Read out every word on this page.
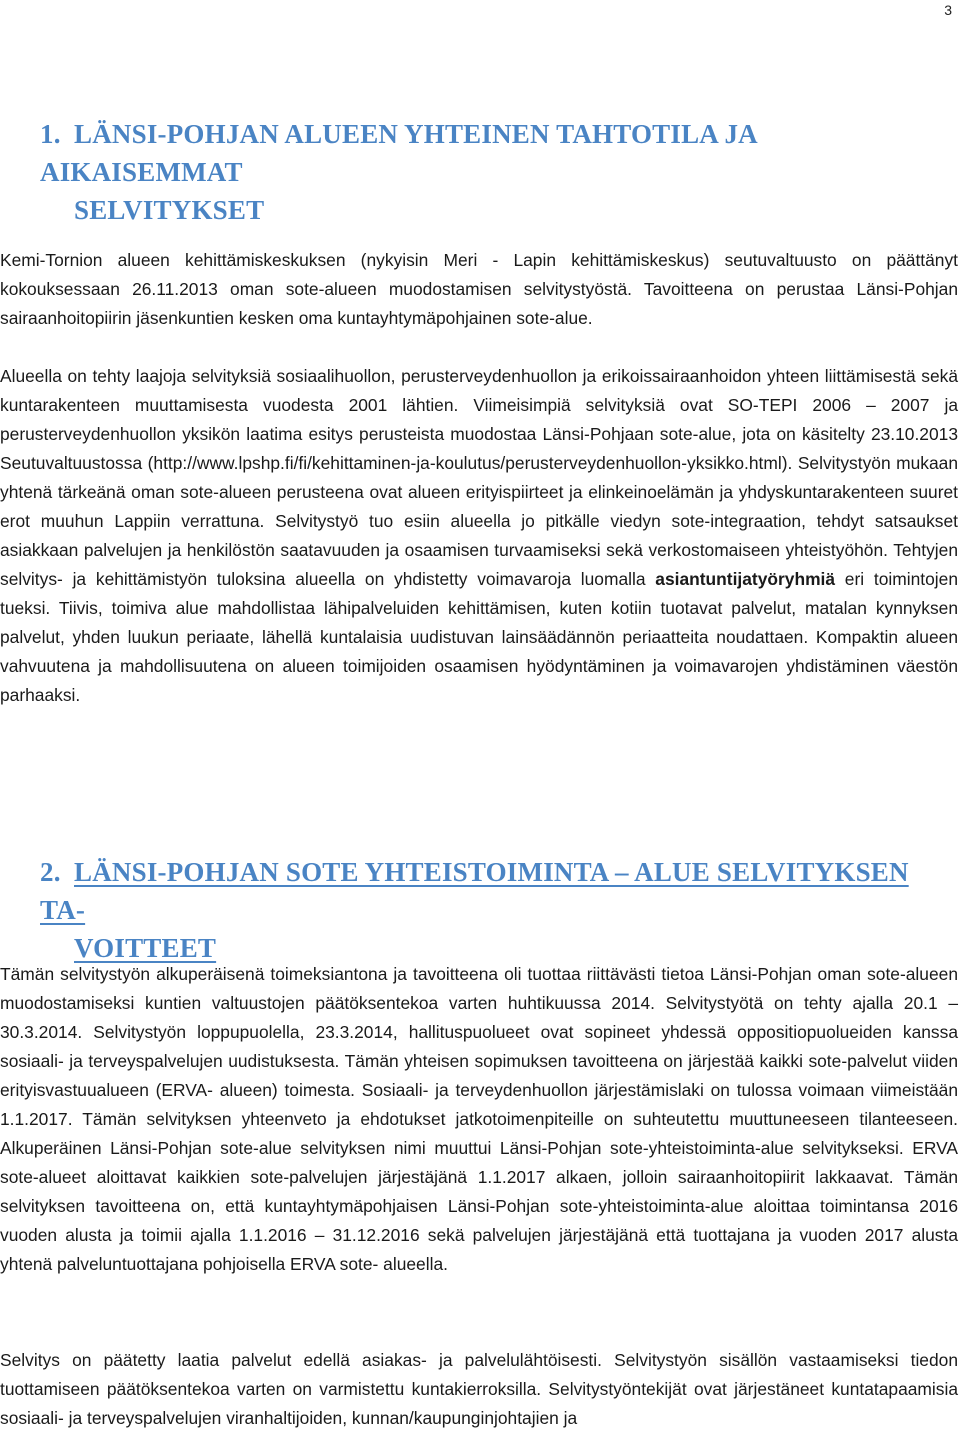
3
1. LÄNSI-POHJAN ALUEEN YHTEINEN TAHTOTILA JA AIKAISEMMAT
SELVITYKSET

Kemi-Tornion alueen kehittämiskeskuksen (nykyisin Meri - Lapin kehittämiskeskus) seutuvaltuusto on päättänyt kokouksessaan 26.11.2013 oman sote-alueen muodostamisen selvitystyöstä. Tavoitteena on perustaa Länsi-Pohjan sairaanhoitopiirin jäsenkuntien kesken oma kuntayhtymäpohjainen sote-alue.

Alueella on tehty laajoja selvityksiä sosiaalihuollon, perusterveydenhuollon ja erikoissairaanhoidon yhteen liittämisestä sekä kuntarakenteen muuttamisesta vuodesta 2001 lähtien. Viimeisimpiä selvityksiä ovat SO-TEPI 2006 – 2007 ja perusterveydenhuollon yksikön laatima esitys perusteista muodostaa Länsi-Pohjaan sote-alue, jota on käsitelty 23.10.2013 Seutuvaltuustossa (http://www.lpshp.fi/fi/kehittaminen-ja-koulutus/perusterveydenhuollon-yksikko.html). Selvitystyön mukaan yhtenä tärkeänä oman sote-alueen perusteena ovat alueen erityispiirteet ja elinkeinoelämän ja yhdyskuntarakenteen suuret erot muuhun Lappiin verrattuna. Selvitystyö tuo esiin alueella jo pitkälle viedyn sote-integraation, tehdyt satsaukset asiakkaan palvelujen ja henkilöstön saatavuuden ja osaamisen turvaamiseksi sekä verkostomaiseen yhteistyöhön. Tehtyjen selvitys- ja kehittämistyön tuloksina alueella on yhdistetty voimavaroja luomalla asiantuntijatyöryhmiä eri toimintojen tueksi. Tiivis, toimiva alue mahdollistaa lähipalveluiden kehittämisen, kuten kotiin tuotavat palvelut, matalan kynnyksen palvelut, yhden luukun periaate, lähellä kuntalaisia uudistuvan lainsäädännön periaatteita noudattaen. Kompaktin alueen vahvuutena ja mahdollisuutena on alueen toimijoiden osaamisen hyödyntäminen ja voimavarojen yhdistäminen väestön parhaaksi.

2. LÄNSI-POHJAN SOTE YHTEISTOIMINTA – ALUE SELVITYKSEN TA-
VOITTEET

Tämän selvitystyön alkuperäisenä toimeksiantona ja tavoitteena oli tuottaa riittävästi tietoa Länsi-Pohjan oman sote-alueen muodostamiseksi kuntien valtuustojen päätöksentekoa varten huhtikuussa 2014. Selvitystyötä on tehty ajalla 20.1 – 30.3.2014. Selvitystyön loppupuolella, 23.3.2014, hallituspuolueet ovat sopineet yhdessä oppositiopuolueiden kanssa sosiaali- ja terveyspalvelujen uudistuksesta. Tämän yhteisen sopimuksen tavoitteena on järjestää kaikki sote-palvelut viiden erityisvastuualueen (ERVA- alueen) toimesta. Sosiaali- ja terveydenhuollon järjestämislaki on tulossa voimaan viimeistään 1.1.2017. Tämän selvityksen yhteenveto ja ehdotukset jatkotoimenpiteille on suhteutettu muuttuneeseen tilanteeseen. Alkuperäinen Länsi-Pohjan sote-alue selvityksen nimi muuttui Länsi-Pohjan sote-yhteistoiminta-alue selvitykseksi. ERVA sote-alueet aloittavat kaikkien sote-palvelujen järjestäjänä 1.1.2017 alkaen, jolloin sairaanhoitopiirit lakkaavat. Tämän selvityksen tavoitteena on, että kuntayhtymäpohjaisen Länsi-Pohjan sote-yhteistoiminta-alue aloittaa toimintansa 2016 vuoden alusta ja toimii ajalla 1.1.2016 – 31.12.2016 sekä palvelujen järjestäjänä että tuottajana ja vuoden 2017 alusta yhtenä palveluntuottajana pohjoisella ERVA sote- alueella.

Selvitys on päätetty laatia palvelut edellä asiakas- ja palvelulähtöisesti. Selvitystyön sisällön vastaamiseksi tiedon tuottamiseen päätöksentekoa varten on varmistettu kuntakierroksilla. Selvitystyöntekijät ovat järjestäneet kuntatapaamisia sosiaali- ja terveyspalvelujen viranhaltijoiden, kunnan/kaupunginjohtajien ja
